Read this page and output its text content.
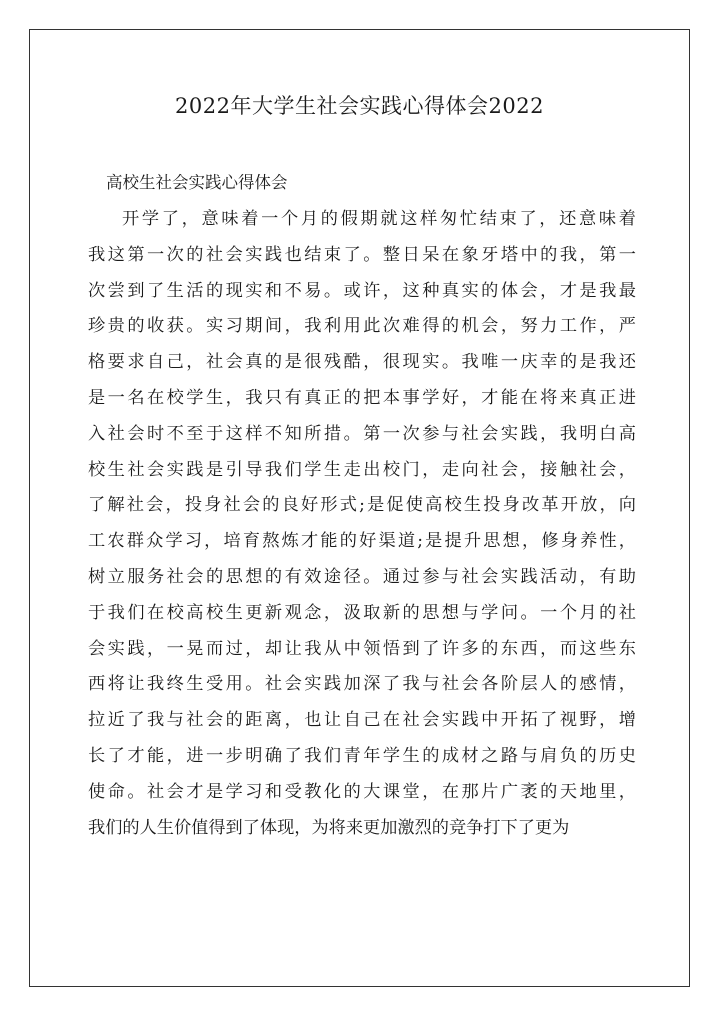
2022年大学生社会实践心得体会2022
高校生社会实践心得体会
开学了，意味着一个月的假期就这样匆忙结束了，还意味着
我这第一次的社会实践也结束了。整日呆在象牙塔中的我，第一
次尝到了生活的现实和不易。或许，这种真实的体会，才是我最
珍贵的收获。实习期间，我利用此次难得的机会，努力工作，严
格要求自己，社会真的是很残酷，很现实。我唯一庆幸的是我还
是一名在校学生，我只有真正的把本事学好，才能在将来真正进
入社会时不至于这样不知所措。第一次参与社会实践，我明白高
校生社会实践是引导我们学生走出校门，走向社会，接触社会，
了解社会，投身社会的良好形式;是促使高校生投身改革开放，向
工农群众学习，培育熬炼才能的好渠道;是提升思想，修身养性，
树立服务社会的思想的有效途径。通过参与社会实践活动，有助
于我们在校高校生更新观念，汲取新的思想与学问。一个月的社
会实践，一晃而过，却让我从中领悟到了许多的东西，而这些东
西将让我终生受用。社会实践加深了我与社会各阶层人的感情，
拉近了我与社会的距离，也让自己在社会实践中开拓了视野，增
长了才能，进一步明确了我们青年学生的成材之路与肩负的历史
使命。社会才是学习和受教化的大课堂，在那片广袤的天地里，
我们的人生价值得到了体现，为将来更加激烈的竞争打下了更为
